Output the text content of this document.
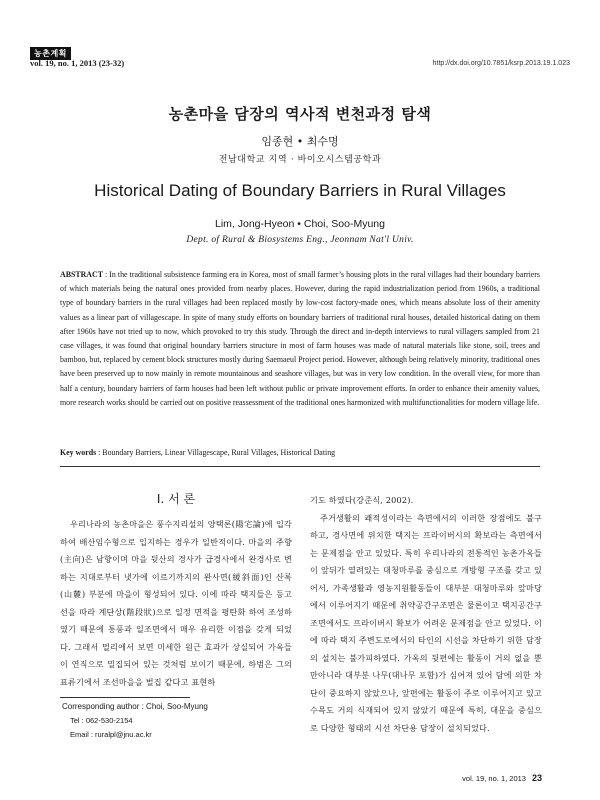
농촌계획
vol. 19, no. 1, 2013 (23-32)	http://dx.doi.org/10.7851/ksrp.2013.19.1.023
농촌마을 담장의 역사적 변천과정 탐색
임종현 • 최수명
전남대학교 지역 · 바이오시스템공학과
Historical Dating of Boundary Barriers in Rural Villages
Lim, Jong-Hyeon • Choi, Soo-Myung
Dept. of Rural & Biosystems Eng., Jeonnam Nat'l Univ.
ABSTRACT : In the traditional subsistence farming era in Korea, most of small farmer’s housing plots in the rural villages had their boundary barriers of which materials being the natural ones provided from nearby places. However, during the rapid industrialization period from 1960s, a traditional type of boundary barriers in the rural villages had been replaced mostly by low-cost factory-made ones, which means absolute loss of their amenity values as a linear part of villagescape. In spite of many study efforts on boundary barriers of traditional rural houses, detailed historical dating on them after 1960s have not tried up to now, which provoked to try this study. Through the direct and in-depth interviews to rural villagers sampled from 21 case villages, it was found that original boundary barriers structure in most of farm houses was made of natural materials like stone, soil, trees and bamboo, but, replaced by cement block structures mostly during Saemaeul Project period. However, although being relatively minority, traditional ones have been preserved up to now mainly in remote mountainous and seashore villages, but was in very low condition. In the overall view, for more than half a century, boundary barriers of farm houses had been left without public or private improvement efforts. In order to enhance their amenity values, more research works should be carried out on positive reassessment of the traditional ones harmonized with multifunctionalities for modern village life.
Key words : Boundary Barriers, Linear Villagescape, Rural Villages, Historical Dating
Ⅰ. 서 론

우리나라의 농촌마을은 풍수지리설의 양택론(陽宅論)에 입각하여 배산임수형으로 입지하는 경우가 일반적이다. 마을의 주향(主向)은 남향이며 마을 뒷산의 경사가 급경사에서 완경사로 변하는 지대로부터 냇가에 이르기까지의 완사면(緩斜面)인 산록(山麓) 부분에 마을이 형성되어 있다. 이에 따라 택지들은 등고선을 따라 계단상(階段狀)으로 일정 면적을 평탄화 하여 조성하였기 때문에 통풍과 일조면에서 매우 유리한 이점을 갖게 되었다. 그래서 멀리에서 보면 미세한 원근 효과가 상실되어 가옥들이 연직으로 밀집되어 있는 것처럼 보이기 때문에, 하범은 그의 표류기에서 조선마을을 벌집 같다고 표현하

기도 하였다(강준식, 2002).

주거생활의 쾌적성이라는 측면에서의 이러한 장점에도 불구하고, 경사면에 위치한 택지는 프라이버시의 확보라는 측면에서는 문제점을 안고 있었다. 특히 우리나라의 전통적인 농촌가옥들이 앞뒤가 열려있는 대청마루를 중심으로 개방형 구조를 갖고 있어서, 가족생활과 영농지원활동들이 대부분 대청마루와 앞마당에서 이루어지기 때문에 취약공간구조면은 물론이고 택지공간구조면에서도 프라이버시 확보가 어려운 문제점을 안고 있었다. 이에 따라 택지 주변도로에서의 타인의 시선을 차단하기 위한 담장의 설치는 불가피하였다. 가옥의 뒷편에는 활동이 거의 없을 뿐만아니라 대부분 나무(대나무 포함)가 심어져 있어 담에 의한 차단이 중요하지 않았으나, 앞편에는 활동이 주로 이루어지고 있고 수목도 거의 식재되어 있지 않았기 때문에 특히, 대문을 중심으로 다양한 형태의 시선 차단용 담장이 설치되었다.

Corresponding author : Choi, Soo-Myung
Tel : 062-530-2154
Email : ruralpl@jnu.ac.kr
vol. 19, no. 1, 2013 23
